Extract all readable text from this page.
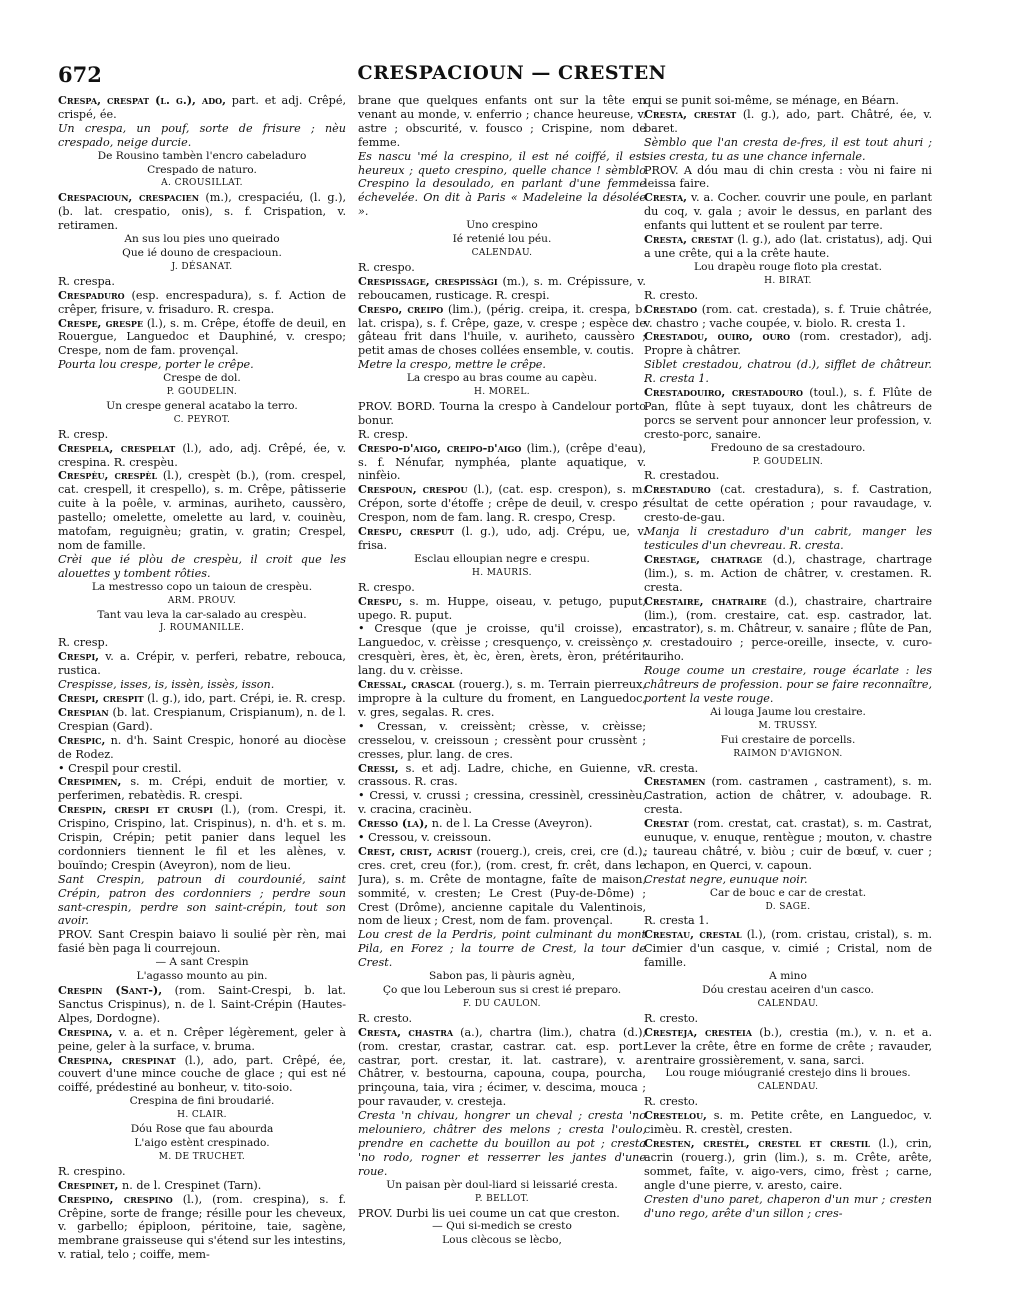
672	CRESPACIOUN — CRESTEN

Crespa, crespat (l. g.), ado, part. et adj. Crêpé, crispé, ée.

Un crespa, un pouf, sorte de frisure ; nèu crespado, neige durcie.

De Rousino tambèn l'encro cabeladuro

Crespado de naturo.

A. CROUSILLAT.

Crespacioun, crespacien (m.), crespaciéu, (l. g.), (b. lat. crespatio, onis), s. f. Crispation, v. retiramen.

An sus lou pies uno queirado

Que ié douno de crespacioun.

J. DÉSANAT.

R. crespa.

Crespaduro (esp. encrespadura), s. f. Action de crêper, frisure, v. frisaduro. R. crespa.

Crespe, grespe (l.), s. m. Crêpe, étoffe de deuil, en Rouergue, Languedoc et Dauphiné, v. crespo; Crespe, nom de fam. provençal.

Pourta lou crespe, porter le crêpe.

Crespe de dol.

P. GOUDELIN.

Un crespe general acatabo la terro.

C. PEYROT.

R. cresp.

Crespela, crespelat (l.), ado, adj. Crêpé, ée, v. crespina. R. crespèu.

Crespèu, crespèl (l.), crespèt (b.), (rom. crespel, cat. crespell, it crespello), s. m. Crêpe, pâtisserie cuite à la poêle, v. arminas, auriheto, caussèro, pastello; omelette, omelette au lard, v. couinèu, matofam, reguignèu; gratin, v. gratin; Crespel, nom de famille.

Crèi que ié plòu de crespèu, il croit que les alouettes y tombent rôties.

La mestresso copo un taioun de crespèu.

ARM. PROUV.

Tant vau leva la car-salado au crespèu.

J. ROUMANILLE.

R. cresp.

Crespi, v. a. Crépir, v. perferi, rebatre, rebouca, rustica.

Crespisse, isses, is, issèn, issès, isson.

Crespi, crespit (l. g.), ido, part. Crépi, ie. R. cresp.

Crespian (b. lat. Crespianum, Crispianum), n. de l. Crespian (Gard).

Crespic, n. d'h. Saint Crespic, honoré au diocèse de Rodez.

• Crespil pour crestil.

Crespimen, s. m. Crépi, enduit de mortier, v. perferimen, rebatèdis. R. crespi.

Crespin, crespi et cruspi (l.), (rom. Crespi, it. Crispino, Crispino, lat. Crispinus), n. d'h. et s. m. Crispin, Crépin; petit panier dans lequel les cordonniers tiennent le fil et les alènes, v. bouïndo; Crespin (Aveyron), nom de lieu.

Sant Crespin, patroun di courdounié, saint Crépin, patron des cordonniers ; perdre soun sant-crespin, perdre son saint-crépin, tout son avoir.

PROV. Sant Crespin baiavo li soulié pèr rèn, mai fasié bèn paga li courrejoun.

— A sant Crespin

L'agasso mounto au pin.

Crespin (Sant-), (rom. Saint-Crespi, b. lat. Sanctus Crispinus), n. de l. Saint-Crépin (Hautes-Alpes, Dordogne).

Crespina, v. a. et n. Crêper légèrement, geler à peine, geler à la surface, v. bruma.

Crespina, crespinat (l.), ado, part. Crêpé, ée, couvert d'une mince couche de glace ; qui est né coiffé, prédestiné au bonheur, v. tito-soio.

Crespina de fini broudarié.

H. CLAIR.

Dóu Rose que fau abourda

L'aigo estènt crespinado.

M. DE TRUCHET.

R. crespino.

Crespinet, n. de l. Crespinet (Tarn).

Crespino, crespino (l.), (rom. crespina), s. f. Crêpine, sorte de frange; résille pour les cheveux, v. garbello; épiploon, péritoine, taie, sagène, membrane graisseuse qui s'étend sur les intestins, v. ratial, telo ; coiffe, mem-

brane que quelques enfants ont sur la tête en venant au monde, v. enferrio ; chance heureuse, v. astre ; obscurité, v. fousco ; Crispine, nom de femme.

Es nascu 'mé la crespino, il est né coiffé, il est heureux ; queto crespino, quelle chance ! sèmblo Crespino la desoulado, en parlant d'une femme échevelée. On dit à Paris « Madeleine la désolée ».

Uno crespino

Ié retenié lou péu.

CALENDAU.

R. crespo.

Crespissage, crespissàgi (m.), s. m. Crépissure, v. reboucamen, rusticage. R. crespi.

Crespo, creipo (lim.), (périg. creipa, it. crespa, b. lat. crispa), s. f. Crêpe, gaze, v. crespe ; espèce de gâteau frit dans l'huile, v. auriheto, caussèro ; petit amas de choses collées ensemble, v. coutis.

Metre la crespo, mettre le crêpe.

La crespo au bras coume au capèu.

H. MOREL.

PROV. BORD. Tourna la crespo à Candelour porto bonur.

R. cresp.

Crespo-d'aigo, creipo-d'aigo (lim.), (crêpe d'eau), s. f. Nénufar, nymphéa, plante aquatique, v. ninfèio.

Crespoun, crespou (l.), (cat. esp. crespon), s. m. Crépon, sorte d'étoffe ; crêpe de deuil, v. crespo ; Crespon, nom de fam. lang. R. crespo, Cresp.

Crespu, cresput (l. g.), udo, adj. Crépu, ue, v. frisa.

Esclau elloupian negre e crespu.

H. MAURIS.

R. crespo.

Crespu, s. m. Huppe, oiseau, v. petugo, puput, upego. R. puput.

• Cresque (que je croisse, qu'il croisse), en Languedoc, v. crèisse ; cresquenço, v. creissènço ; cresquèri, ères, èt, èc, èren, èrets, èron, prétérit lang. du v. crèisse.

Cressal, crascal (rouerg.), s. m. Terrain pierreux, impropre à la culture du froment, en Languedoc, v. gres, segalas. R. cres.

• Cressan, v. creissènt; crèsse, v. crèisse; cresselou, v. creissoun ; cressènt pour crussènt ; cresses, plur. lang. de cres.

Cressi, s. et adj. Ladre, chiche, en Guienne, v. crassous. R. cras.

• Cressi, v. crussi ; cressina, cressinèl, cressinèu, v. cracina, cracinèu.

Cresso (la), n. de l. La Cresse (Aveyron).

• Cressou, v. creissoun.

Crest, crist, acrist (rouerg.), creis, crei, cre (d.), cres. cret, creu (for.), (rom. crest, fr. crêt, dans le Jura), s. m. Crête de montagne, faîte de maison, sommité, v. cresten; Le Crest (Puy-de-Dôme) ; Crest (Drôme), ancienne capitale du Valentinois, nom de lieux ; Crest, nom de fam. provençal.

Lou crest de la Perdris, point culminant du mont Pila, en Forez ; la tourre de Crest, la tour de Crest.

Sabon pas, li pàuris agnèu,

Ço que lou Leberoun sus si crest ié preparo.

F. DU CAULON.

R. cresto.

Cresta, chastra (a.), chartra (lim.), chatra (d.), (rom. crestar, crastar, castrar. cat. esp. port. castrar, port. crestar, it. lat. castrare), v. a. Châtrer, v. bestourna, capouna, coupa, pourcha, prinçouna, taia, vira ; écimer, v. descima, mouca ; pour ravauder, v. cresteja.

Cresta 'n chivau, hongrer un cheval ; cresta 'no melouniero, châtrer des melons ; cresta l'oulo, prendre en cachette du bouillon au pot ; cresta 'no rodo, rogner et resserrer les jantes d'une roue.

Un paisan pèr doul-liard si leissarié cresta.

P. BELLOT.

PROV. Durbi lis uei coume un cat que creston.

— Qui si-medich se cresto

Lous clècous se lècbo,

qui se punit soi-même, se ménage, en Béarn.

Cresta, crestat (l. g.), ado, part. Châtré, ée, v. baret.

Sèmblo que l'an cresta de-fres, il est tout ahuri ; sies cresta, tu as une chance infernale.

PROV. A dóu mau di chin cresta : vòu ni faire ni leissa faire.

Cresta, v. a. Cocher. couvrir une poule, en parlant du coq, v. gala ; avoir le dessus, en parlant des enfants qui luttent et se roulent par terre.

Cresta, crestat (l. g.), ado (lat. cristatus), adj. Qui a une crête, qui a la crête haute.

Lou drapèu rouge floto pla crestat.

H. BIRAT.

R. cresto.

Crestado (rom. cat. crestada), s. f. Truie châtrée, v. chastro ; vache coupée, v. biolo. R. cresta 1.

Crestadou, ouiro, ouro (rom. crestador), adj. Propre à châtrer.

Siblet crestadou, chatrou (d.), sifflet de châtreur. R. cresta 1.

Crestadouiro, crestadouro (toul.), s. f. Flûte de Pan, flûte à sept tuyaux, dont les châtreurs de porcs se servent pour annoncer leur profession, v. cresto-porc, sanaire.

Fredouno de sa crestadouro.

P. GOUDELIN.

R. crestadou.

Crestaduro (cat. crestadura), s. f. Castration, résultat de cette opération ; pour ravaudage, v. cresto-de-gau.

Manja li crestaduro d'un cabrit, manger les testicules d'un chevreau. R. cresta.

Crestage, chatrage (d.), chastrage, chartrage (lim.), s. m. Action de châtrer, v. crestamen. R. cresta.

Crestaire, chatraire (d.), chastraire, chartraire (lim.), (rom. crestaire, cat. esp. castrador, lat. castrator), s. m. Châtreur, v. sanaire ; flûte de Pan, v. crestadouiro ; perce-oreille, insecte, v. curo-auriho.

Rouge coume un crestaire, rouge écarlate : les châtreurs de profession. pour se faire reconnaître, portent la veste rouge.

Ai louga Jaume lou crestaire.

M. TRUSSY.

Fui crestaire de porcells.

RAIMON D'AVIGNON.

R. cresta.

Crestamen (rom. castramen , castrament), s. m. Castration, action de châtrer, v. adoubage. R. cresta.

Crestat (rom. crestat, cat. crastat), s. m. Castrat, eunuque, v. enuque, rentègue ; mouton, v. chastre ; taureau châtré, v. biòu ; cuir de bœuf, v. cuer ; chapon, en Querci, v. capoun.

Crestat negre, eunuque noir.

Car de bouc e car de crestat.

D. SAGE.

R. cresta 1.

Crestau, crestal (l.), (rom. cristau, cristal), s. m. Cimier d'un casque, v. cimié ; Cristal, nom de famille.

A mino

Dóu crestau aceiren d'un casco.

CALENDAU.

R. cresto.

Cresteja, cresteia (b.), crestia (m.), v. n. et a. Lever la crête, être en forme de crête ; ravauder, rentraire grossièrement, v. sana, sarci.

Lou rouge mióugranié crestejo dins li broues.

CALENDAU.

R. cresto.

Crestelou, s. m. Petite crête, en Languedoc, v. cimèu. R. crestèl, cresten.

Cresten, crestèl, crestel et crestil (l.), crin, acrin (rouerg.), grin (lim.), s. m. Crête, arête, sommet, faîte, v. aigo-vers, cimo, frèst ; carne, angle d'une pierre, v. aresto, caire.

Cresten d'uno paret, chaperon d'un mur ; cresten d'uno rego, arête d'un sillon ; cres-
